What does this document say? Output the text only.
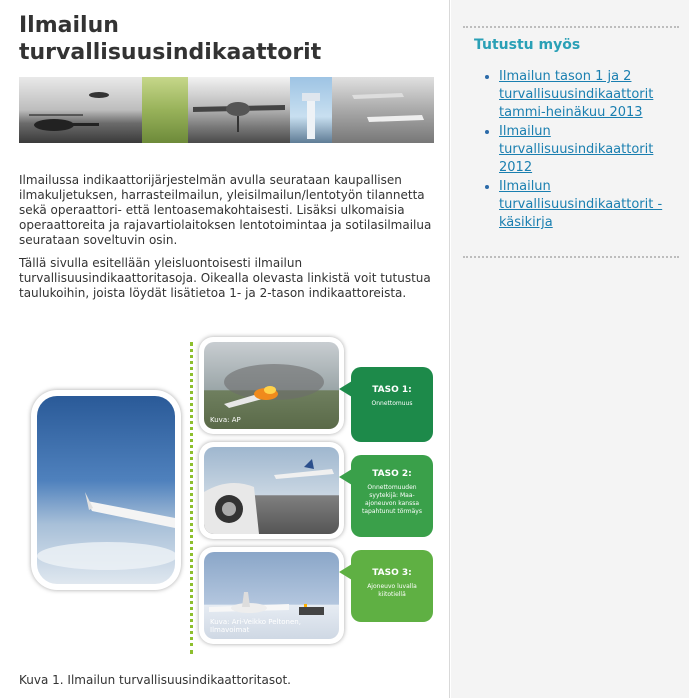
Ilmailun
turvallisuusindikaattorit

Ilmailussa indikaattorijärjestelmän avulla seurataan kaupallisen ilmakuljetuksen, harrasteilmailun, yleisilmailun/lentotyön tilannetta sekä operaattori- että lentoasemakohtaisesti. Lisäksi ulkomaisia operaattoreita ja rajavartiolaitoksen lentotoimintaa ja sotilasilmailua seurataan soveltuvin osin.

Tällä sivulla esitellään yleisluontoisesti ilmailun turvallisuusindikaattoritasoja. Oikealla olevasta linkistä voit tutustua taulukoihin, joista löydät lisätietoa 1- ja 2-tason indikaattoreista.

Kuva: AP
TASO 1:
Onnettomuus
TASO 2:
Onnettomuuden syytekijä: Maa-ajoneuvon kanssa tapahtunut törmäys
Kuva: Ari-Veikko Peltonen, Ilmavoimat
TASO 3:
Ajoneuvo luvalla kiitotiellä
Kuva 1. Ilmailun turvallisuusindikaattoritasot.
Tutustu myös
• Ilmailun tason 1 ja 2 turvallisuusindikaattorit tammi-heinäkuu 2013
• Ilmailun turvallisuusindikaattorit 2012
• Ilmailun turvallisuusindikaattorit -käsikirja
